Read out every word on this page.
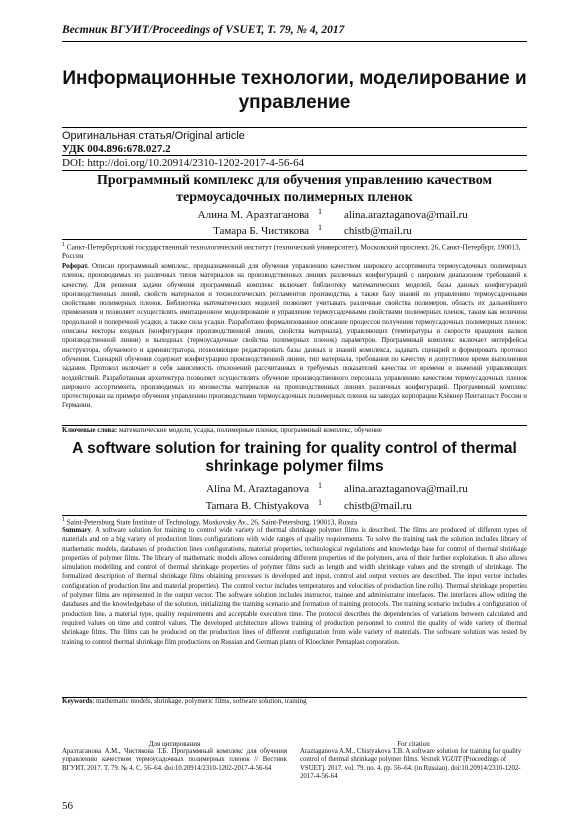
Вестник ВГУИТ/Proceedings of VSUET, Т. 79, № 4, 2017
Информационные технологии, моделирование и управление
Оригинальная статья/Original article
УДК 004.896:678.027.2
DOI: http://doi.org/10.20914/2310-1202-2017-4-56-64
Программный комплекс для обучения управлению качеством термоусадочных полимерных пленок
Алина М. Аразтаганова 1 alina.araztaganova@mail.ru
Тамара Б. Чистякова 1 chistb@mail.ru
$^1$ Санкт-Петербургский государственный технологический институт (технический университет), Московский проспект, 26, Санкт-Петербург, 190013, Россия
Реферат. Описан программный комплекс, предназначенный для обучения управлению качеством широкого ассортимента термоусадочных полимерных пленок, производимых из различных типов материалов на производственных линиях различных конфигураций с широким диапазоном требований к качеству. Для решения задачи обучения программный комплекс включает библиотеку математических моделей, базы данных конфигураций производственных линий, свойств материалов и технологических регламентов производства, а также базу знаний по управлению термоусадочными свойствами полимерных пленок. Библиотека математических моделей позволяет учитывать различные свойства полимеров, область их дальнейшего применения и позволяет осуществлять имитационное моделирование и управление термоусадочными свойствами полимерных пленок, таким как величина продольной и поперечной усадки, а также сила усадки. Разработано формализованное описание процессов получения термоусадочных полимерных пленок: описаны векторы входных (конфигурация производственной линии, свойства материала), управляющих (температуры и скорости вращения валков производственной линии) и выходных (термоусадочные свойства полимерных пленок) параметров. Программный комплекс включает интерфейсы инструктора, обучаемого и администратора, позволяющие редактировать базы данных и знаний комплекса, задавать сценарий и формировать протокол обучения. Сценарий обучения содержит конфигурацию производственной линии, тип материала, требования по качеству и допустимое время выполнения задания. Протокол включает в себя зависимость отклонений рассчитанных и требуемых показателей качества от времени и значений управляющих воздействий. Разработанная архитектура позволяет осуществлять обучение производственного персонала управлению качеством термоусадочных пленок широкого ассортимента, производимых из множества материалов на производственных линиях различных конфигураций. Программный комплекс протестирован на примере обучения управлению производствами термоусадочных полимерных пленок на заводах корпорации Клёкнер Пентапласт России и Германии.
Ключевые слова: математические модели, усадка, полимерные пленки, программный комплекс, обучение
A software solution for training for quality control of thermal shrinkage polymer films
Alina M. Araztaganova 1 alina.araztaganova@mail.ru
Tamara B. Chistyakova 1 chistb@mail.ru
$^1$ Saint-Petersburg State Institute of Technology, Moskovsky Av., 26, Saint-Petersburg, 190013, Russia
Summary. A software solution for training to control wide variety of thermal shrinkage polymer films is described. The films are produced of different types of materials and on a big variety of production lines configurations with wide ranges of quality requirements. To solve the training task the solution includes library of mathematic models, databases of production lines configurations, material properties, technological regulations and knowledge base for control of thermal shrinkage properties of polymer films. The library of mathematic models allows considering different properties of the polymers, area of their further exploitation. It also allows simulation modelling and control of thermal shrinkage properties of polymer films such as length and width shrinkage values and the strength of shrinkage. The formalized description of thermal shrinkage films obtaining processes is developed and input, control and output vectors are described. The input vector includes configuration of production line and material properties). The control vector includes temperatures and velocities of production line rolls). Thermal shrinkage properties of polymer films are represented in the output vector. The software solution includes instructor, trainee and administrator interfaces. The interfaces allow editing the databases and the knowledgebase of the solution, initializing the training scenario and formation of training protocols. The training scenario includes a configuration of production line, a material type, quality requirements and acceptable execution time. The protocol describes the dependencies of variations between calculated and required values on time and control values. The developed architecture allows training of production personnel to control the quality of wide variety of thermal shrinkage films. The films can be produced on the production lines of different configuration from wide variety of materials. The software solution was tested by training to control thermal shrinkage film productions on Russian and German plants of Kloeckner Pentaplast corporation.
Keywords: mathematic models, shrinkage, polymeric films, software solution, training
Для цитирования
Аразтаганова А.М., Чистякова Т.Б. Программный комплекс для обучения управлению качеством термоусадочных полимерных пленок // Вестник ВГУИТ. 2017. Т. 79. № 4. С. 56–64. doi:10.20914/2310-1202-2017-4-56-64
For citation
Araztaganova A.M., Chistyakova T.B. A software solution for training for quality control of thermal shrinkage polymer films. Vestnik VGUIT [Proceedings of VSUET]. 2017. vol. 79. no. 4. pp. 56–64. (in Russian). doi:10.20914/2310-1202-2017-4-56-64
56
